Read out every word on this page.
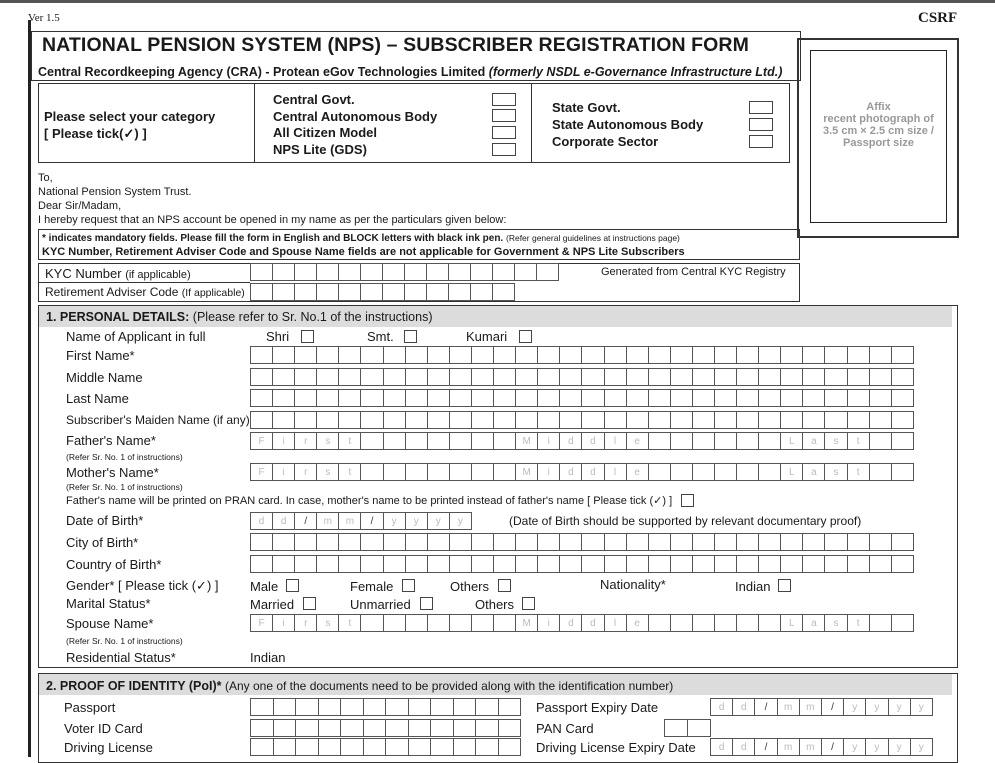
Ver 1.5	CSRF
Affix
recent photograph of
3.5 cm × 2.5 cm size /
Passport size
NATIONAL PENSION SYSTEM (NPS) – SUBSCRIBER REGISTRATION FORM
Central Recordkeeping Agency (CRA) - Protean eGov Technologies Limited (formerly NSDL e-Governance Infrastructure Ltd.)
Please select your category
[ Please tick(✓) ]
Central Govt.
Central Autonomous Body
All Citizen Model
NPS Lite (GDS)
State Govt.
State Autonomous Body
Corporate Sector
To,
National Pension System Trust.
Dear Sir/Madam,
I hereby request that an NPS account be opened in my name as per the particulars given below:
* indicates mandatory fields. Please fill the form in English and BLOCK letters with black ink pen. (Refer general guidelines at instructions page)
KYC Number, Retirement Adviser Code and Spouse Name fields are not applicable for Government & NPS Lite Subscribers
KYC Number (if applicable)
Retirement Adviser Code (If applicable)
Generated from Central KYC Registry
1. PERSONAL DETAILS: (Please refer to Sr. No.1 of the instructions)
Name of Applicant in full	Shri	Smt.	Kumari
First Name*
Middle Name
Last Name
Subscriber's Maiden Name (if any)
Father's Name*
(Refer Sr. No. 1 of instructions)
F	i	r	s	t	M	i	d	d	l	e	L	a	s	t
Mother's Name*
(Refer Sr. No. 1 of instructions)
F	i	r	s	t	M	i	d	d	l	e	L	a	s	t
Father's name will be printed on PRAN card. In case, mother's name to be printed instead of father's name [ Please tick (✓) ]
Date of Birth*	d	d	/	m	m	/	y	y	y	y	(Date of Birth should be supported by relevant documentary proof)
City of Birth*
Country of Birth*
Gender* [ Please tick (✓) ] Male	Female	Others	Nationality*	Indian
Marital Status*	Married	Unmarried	Others
Spouse Name*
(Refer Sr. No. 1 of instructions)
F	i	r	s	t	M	i	d	d	l	e	L	a	s	t
Residential Status*	Indian
2. PROOF OF IDENTITY (PoI)* (Any one of the documents need to be provided along with the identification number)
Passport	Passport Expiry Date	d	d	/	m	m	/	y	y	y	y
Voter ID Card	PAN Card
Driving License	Driving License Expiry Date	d	d	/	m	m	/	y	y	y	y
